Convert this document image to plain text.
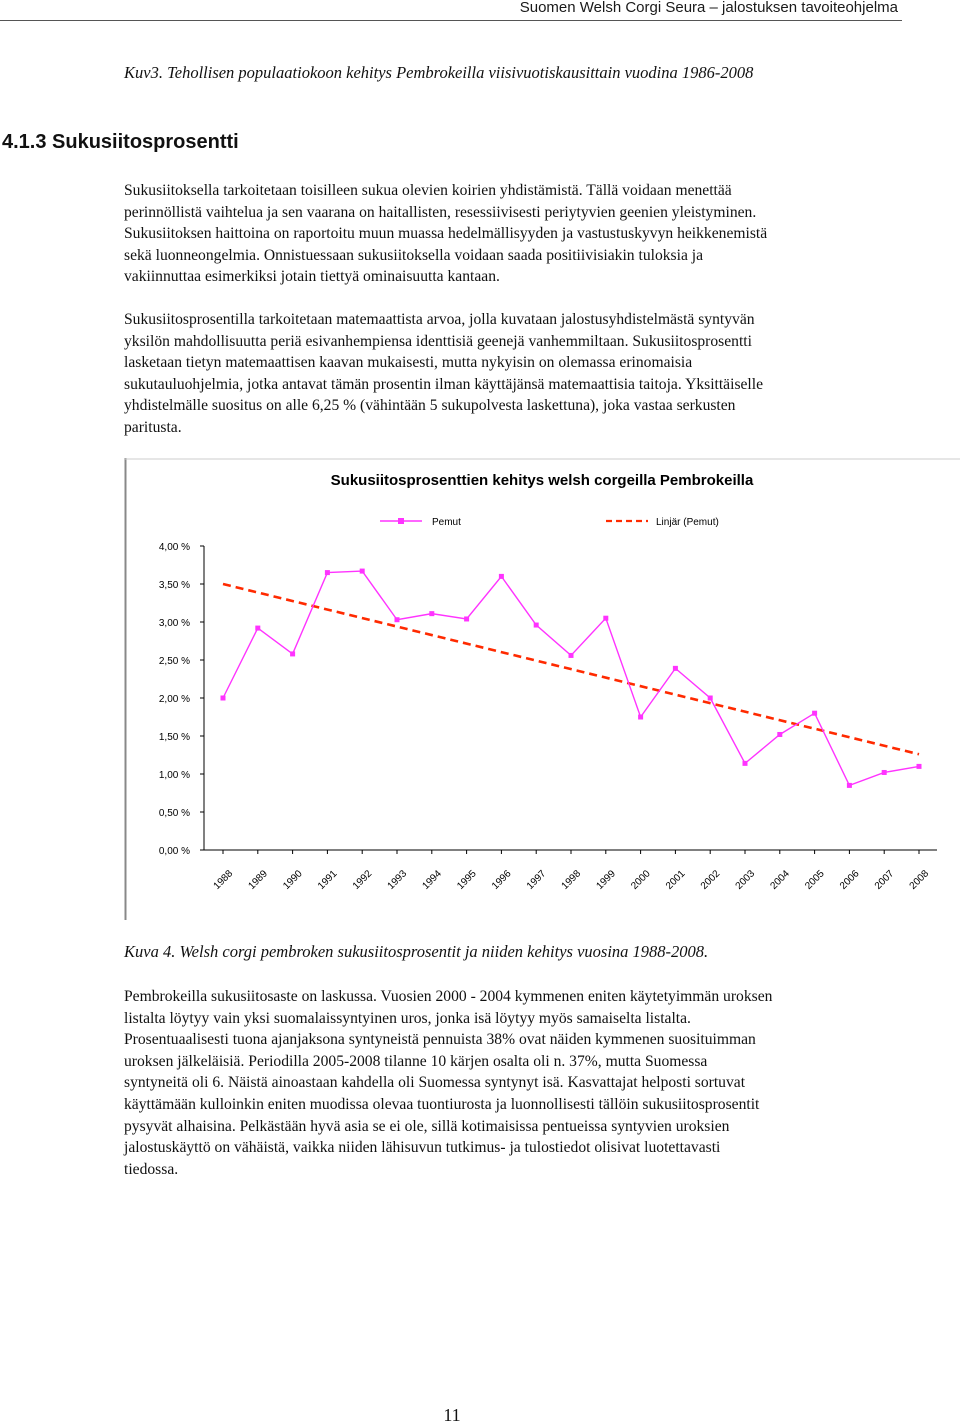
Suomen Welsh Corgi Seura – jalostuksen tavoiteohjelma
Kuv3. Tehollisen populaatiokoon kehitys Pembrokeilla viisivuotiskausittain vuodina 1986-2008
4.1.3 Sukusiitosprosentti
Sukusiitoksella tarkoitetaan toisilleen sukua olevien koirien yhdistämistä. Tällä voidaan menettää
perinnöllistä vaihtelua ja sen vaarana on haitallisten, resessiivisesti periytyvien geenien yleistyminen.
Sukusiitoksen haittoina on raportoitu muun muassa hedelmällisyyden ja vastustuskyvyn heikkenemistä
sekä luonneongelmia. Onnistuessaan sukusiitoksella voidaan saada positiivisiakin tuloksia ja
vakiinnuttaa esimerkiksi jotain tiettyä ominaisuutta kantaan.
Sukusiitosprosentilla tarkoitetaan matemaattista arvoa, jolla kuvataan jalostusyhdistelmästä syntyvän
yksilön mahdollisuutta periä esivanhempiensa identtisiä geenejä vanhemmiltaan. Sukusiitosprosentti
lasketaan tietyn matemaattisen kaavan mukaisesti, mutta nykyisin on olemassa erinomaisia
sukutauluohjelmia, jotka antavat tämän prosentin ilman käyttäjänsä matemaattisia taitoja. Yksittäiselle
yhdistelmälle suositus on alle 6,25 % (vähintään 5 sukupolvesta laskettuna), joka vastaa serkusten
paritusta.
Sukusiitosprosenttien kehitys welsh corgeilla Pembrokeilla
Pemut	Linjär (Pemut)
4,00 %
3,50 %
3,00 %
2,50 %
2,00 %
1,50 %
1,00 %
0,50 %
0,00 %
1988 1989 1990 1991 1992 1993 1994 1995 1996 1997 1998 1999 2000 2001 2002 2003 2004 2005 2006 2007 2008
Kuva 4. Welsh corgi pembroken sukusiitosprosentit ja niiden kehitys vuosina 1988-2008.
Pembrokeilla sukusiitosaste on laskussa. Vuosien 2000 - 2004 kymmenen eniten käytetyimmän uroksen
listalta löytyy vain yksi suomalaissyntyinen uros, jonka isä löytyy myös samaiselta listalta.
Prosentuaalisesti tuona ajanjaksona syntyneistä pennuista 38% ovat näiden kymmenen suosituimman
uroksen jälkeläisiä. Periodilla 2005-2008 tilanne 10 kärjen osalta oli n. 37%, mutta Suomessa
syntyneitä oli 6. Näistä ainoastaan kahdella oli Suomessa syntynyt isä. Kasvattajat helposti sortuvat
käyttämään kulloinkin eniten muodissa olevaa tuontiurosta ja luonnollisesti tällöin sukusiitosprosentit
pysyvät alhaisina. Pelkästään hyvä asia se ei ole, sillä kotimaisissa pentueissa syntyvien uroksien
jalostuskäyttö on vähäistä, vaikka niiden lähisuvun tutkimus- ja tulostiedot olisivat luotettavasti
tiedossa.
11
